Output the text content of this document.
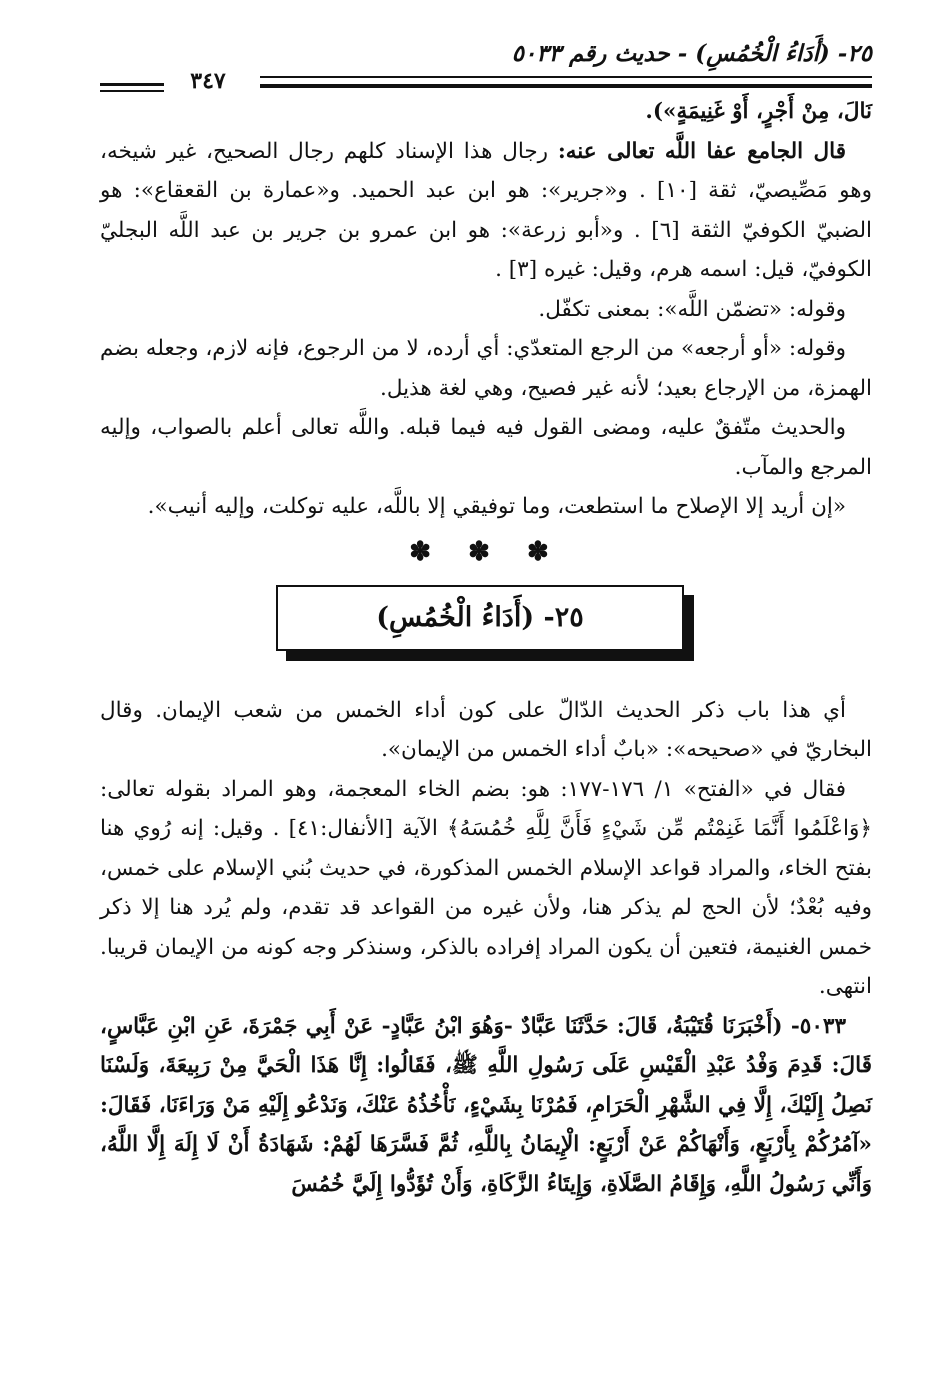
٢٥- (أَدَاءُ الْخُمُسِ) - حديث رقم ٥٠٣٣
٣٤٧

نَالَ، مِنْ أَجْرٍ، أَوْ غَنِيمَةٍ»).

قال الجامع عفا اللَّه تعالى عنه: رجال هذا الإسناد كلهم رجال الصحيح، غير شيخه، وهو مَصِّيصيّ، ثقة [١٠] . و«جرير»: هو ابن عبد الحميد. و«عمارة بن القعقاع»: هو الضبيّ الكوفيّ الثقة [٦] . و«أبو زرعة»: هو ابن عمرو بن جرير بن عبد اللَّه البجليّ الكوفيّ، قيل: اسمه هرم، وقيل: غيره [٣] .

وقوله: «تضمّن اللَّه»: بمعنى تكفّل.

وقوله: «أو أرجعه» من الرجع المتعدّي: أي أرده، لا من الرجوع، فإنه لازم، وجعله بضم الهمزة، من الإرجاع بعيد؛ لأنه غير فصيح، وهي لغة هذيل.

والحديث متّفقٌ عليه، ومضى القول فيه فيما قبله. واللَّه تعالى أعلم بالصواب، وإليه المرجع والمآب.

«إن أريد إلا الإصلاح ما استطعت، وما توفيقي إلا باللَّه، عليه توكلت، وإليه أنيب».

✽ ✽ ✽
٢٥- (أَدَاءُ الْخُمُسِ)

أي هذا باب ذكر الحديث الدّالّ على كون أداء الخمس من شعب الإيمان. وقال البخاريّ في «صحيحه»: «بابٌ أداء الخمس من الإيمان».

فقال في «الفتح» ١/ ١٧٦-١٧٧: هو: بضم الخاء المعجمة، وهو المراد بقوله تعالى: ﴿وَاعْلَمُوا أَنَّمَا غَنِمْتُم مِّن شَيْءٍ فَأَنَّ لِلَّهِ خُمُسَهُ﴾ الآية [الأنفال:٤١] . وقيل: إنه رُوي هنا بفتح الخاء، والمراد قواعد الإسلام الخمس المذكورة، في حديث بُني الإسلام على خمس، وفيه بُعْدٌ؛ لأن الحج لم يذكر هنا، ولأن غيره من القواعد قد تقدم، ولم يُرد هنا إلا ذكر خمس الغنيمة، فتعين أن يكون المراد إفراده بالذكر، وسنذكر وجه كونه من الإيمان قريبا. انتهى.

٥٠٣٣- (أَخْبَرَنَا قُتَيْبَةُ، قَالَ: حَدَّثَنَا عَبَّادٌ -وَهُوَ ابْنُ عَبَّادٍ- عَنْ أَبِي جَمْرَةَ، عَنِ ابْنِ عَبَّاسٍ، قَالَ: قَدِمَ وَفْدُ عَبْدِ الْقَيْسِ عَلَى رَسُولِ اللَّهِ ﷺ، فَقَالُوا: إِنَّا هَذَا الْحَيَّ مِنْ رَبِيعَةَ، وَلَسْنَا نَصِلُ إِلَيْكَ، إِلَّا فِي الشَّهْرِ الْحَرَامِ، فَمُرْنَا بِشَيْءٍ، نَأْخُذُهُ عَنْكَ، وَنَدْعُو إِلَيْهِ مَنْ وَرَاءَنَا، فَقَالَ: «آمُرُكُمْ بِأَرْبَعٍ، وَأَنْهَاكُمْ عَنْ أَرْبَعٍ: الْإِيمَانُ بِاللَّهِ، ثُمَّ فَسَّرَهَا لَهُمْ: شَهَادَةُ أَنْ لَا إِلَهَ إِلَّا اللَّهُ، وَأَنِّي رَسُولُ اللَّهِ، وَإِقَامُ الصَّلَاةِ، وَإِيتَاءُ الزَّكَاةِ، وَأَنْ تُؤَدُّوا إِلَيَّ خُمُسَ
